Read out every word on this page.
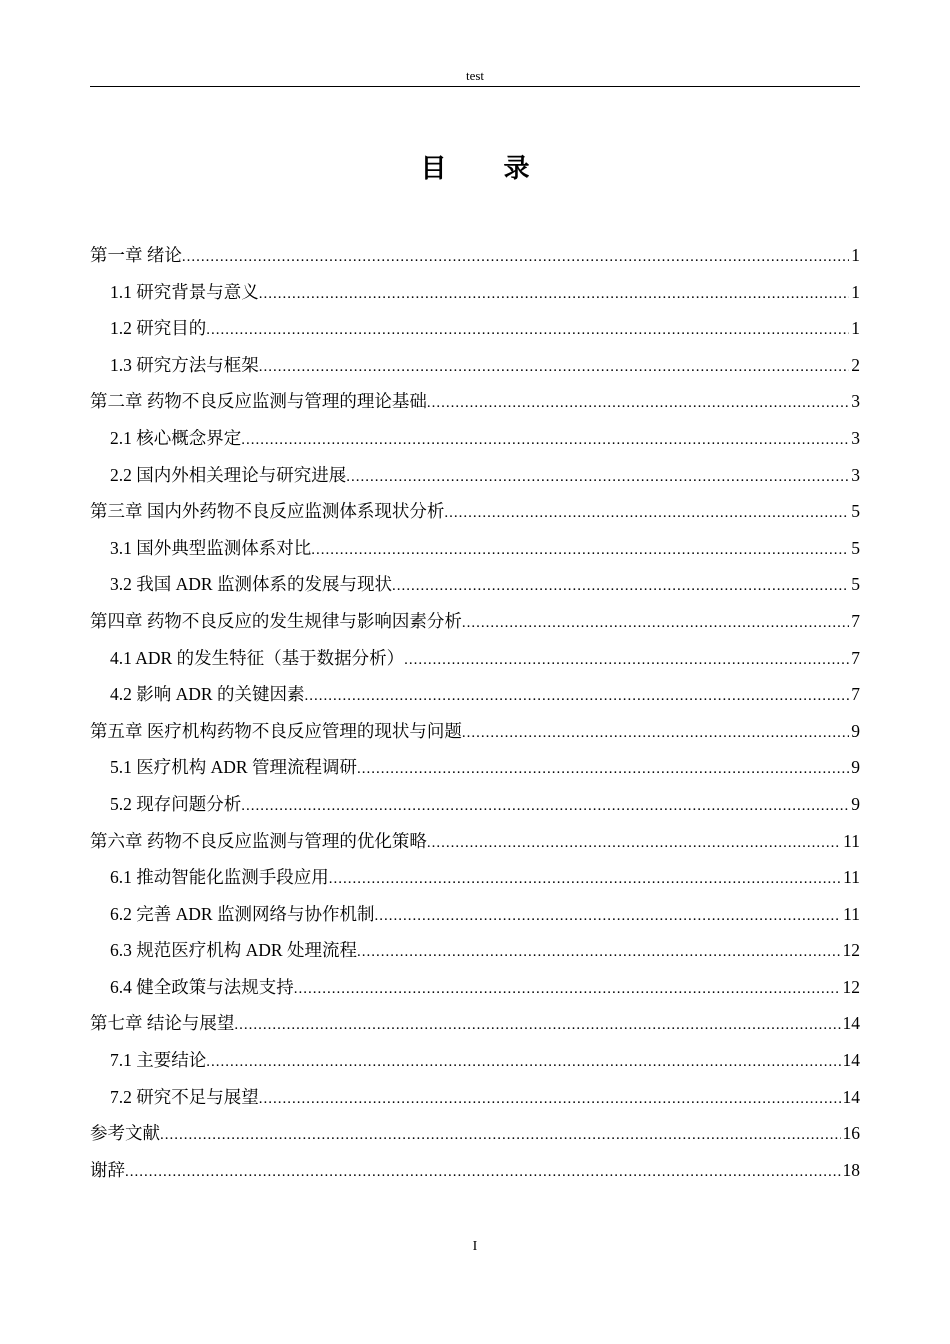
test
目 录
第一章 绪论 .....	1
1.1 研究背景与意义 .....	1
1.2 研究目的 .....	1
1.3 研究方法与框架 .....	2
第二章 药物不良反应监测与管理的理论基础 .....	3
2.1 核心概念界定 .....	3
2.2 国内外相关理论与研究进展 .....	3
第三章 国内外药物不良反应监测体系现状分析 .....	5
3.1 国外典型监测体系对比 .....	5
3.2 我国 ADR 监测体系的发展与现状 .....	5
第四章 药物不良反应的发生规律与影响因素分析 .....	7
4.1 ADR 的发生特征（基于数据分析） .....	7
4.2 影响 ADR 的关键因素 .....	7
第五章 医疗机构药物不良反应管理的现状与问题 .....	9
5.1 医疗机构 ADR 管理流程调研 .....	9
5.2 现存问题分析 .....	9
第六章 药物不良反应监测与管理的优化策略 .....	11
6.1 推动智能化监测手段应用 .....	11
6.2 完善 ADR 监测网络与协作机制 .....	11
6.3 规范医疗机构 ADR 处理流程 .....	12
6.4 健全政策与法规支持 .....	12
第七章 结论与展望 .....	14
7.1 主要结论 .....	14
7.2 研究不足与展望 .....	14
参考文献 .....	16
谢辞 .....	18
I
